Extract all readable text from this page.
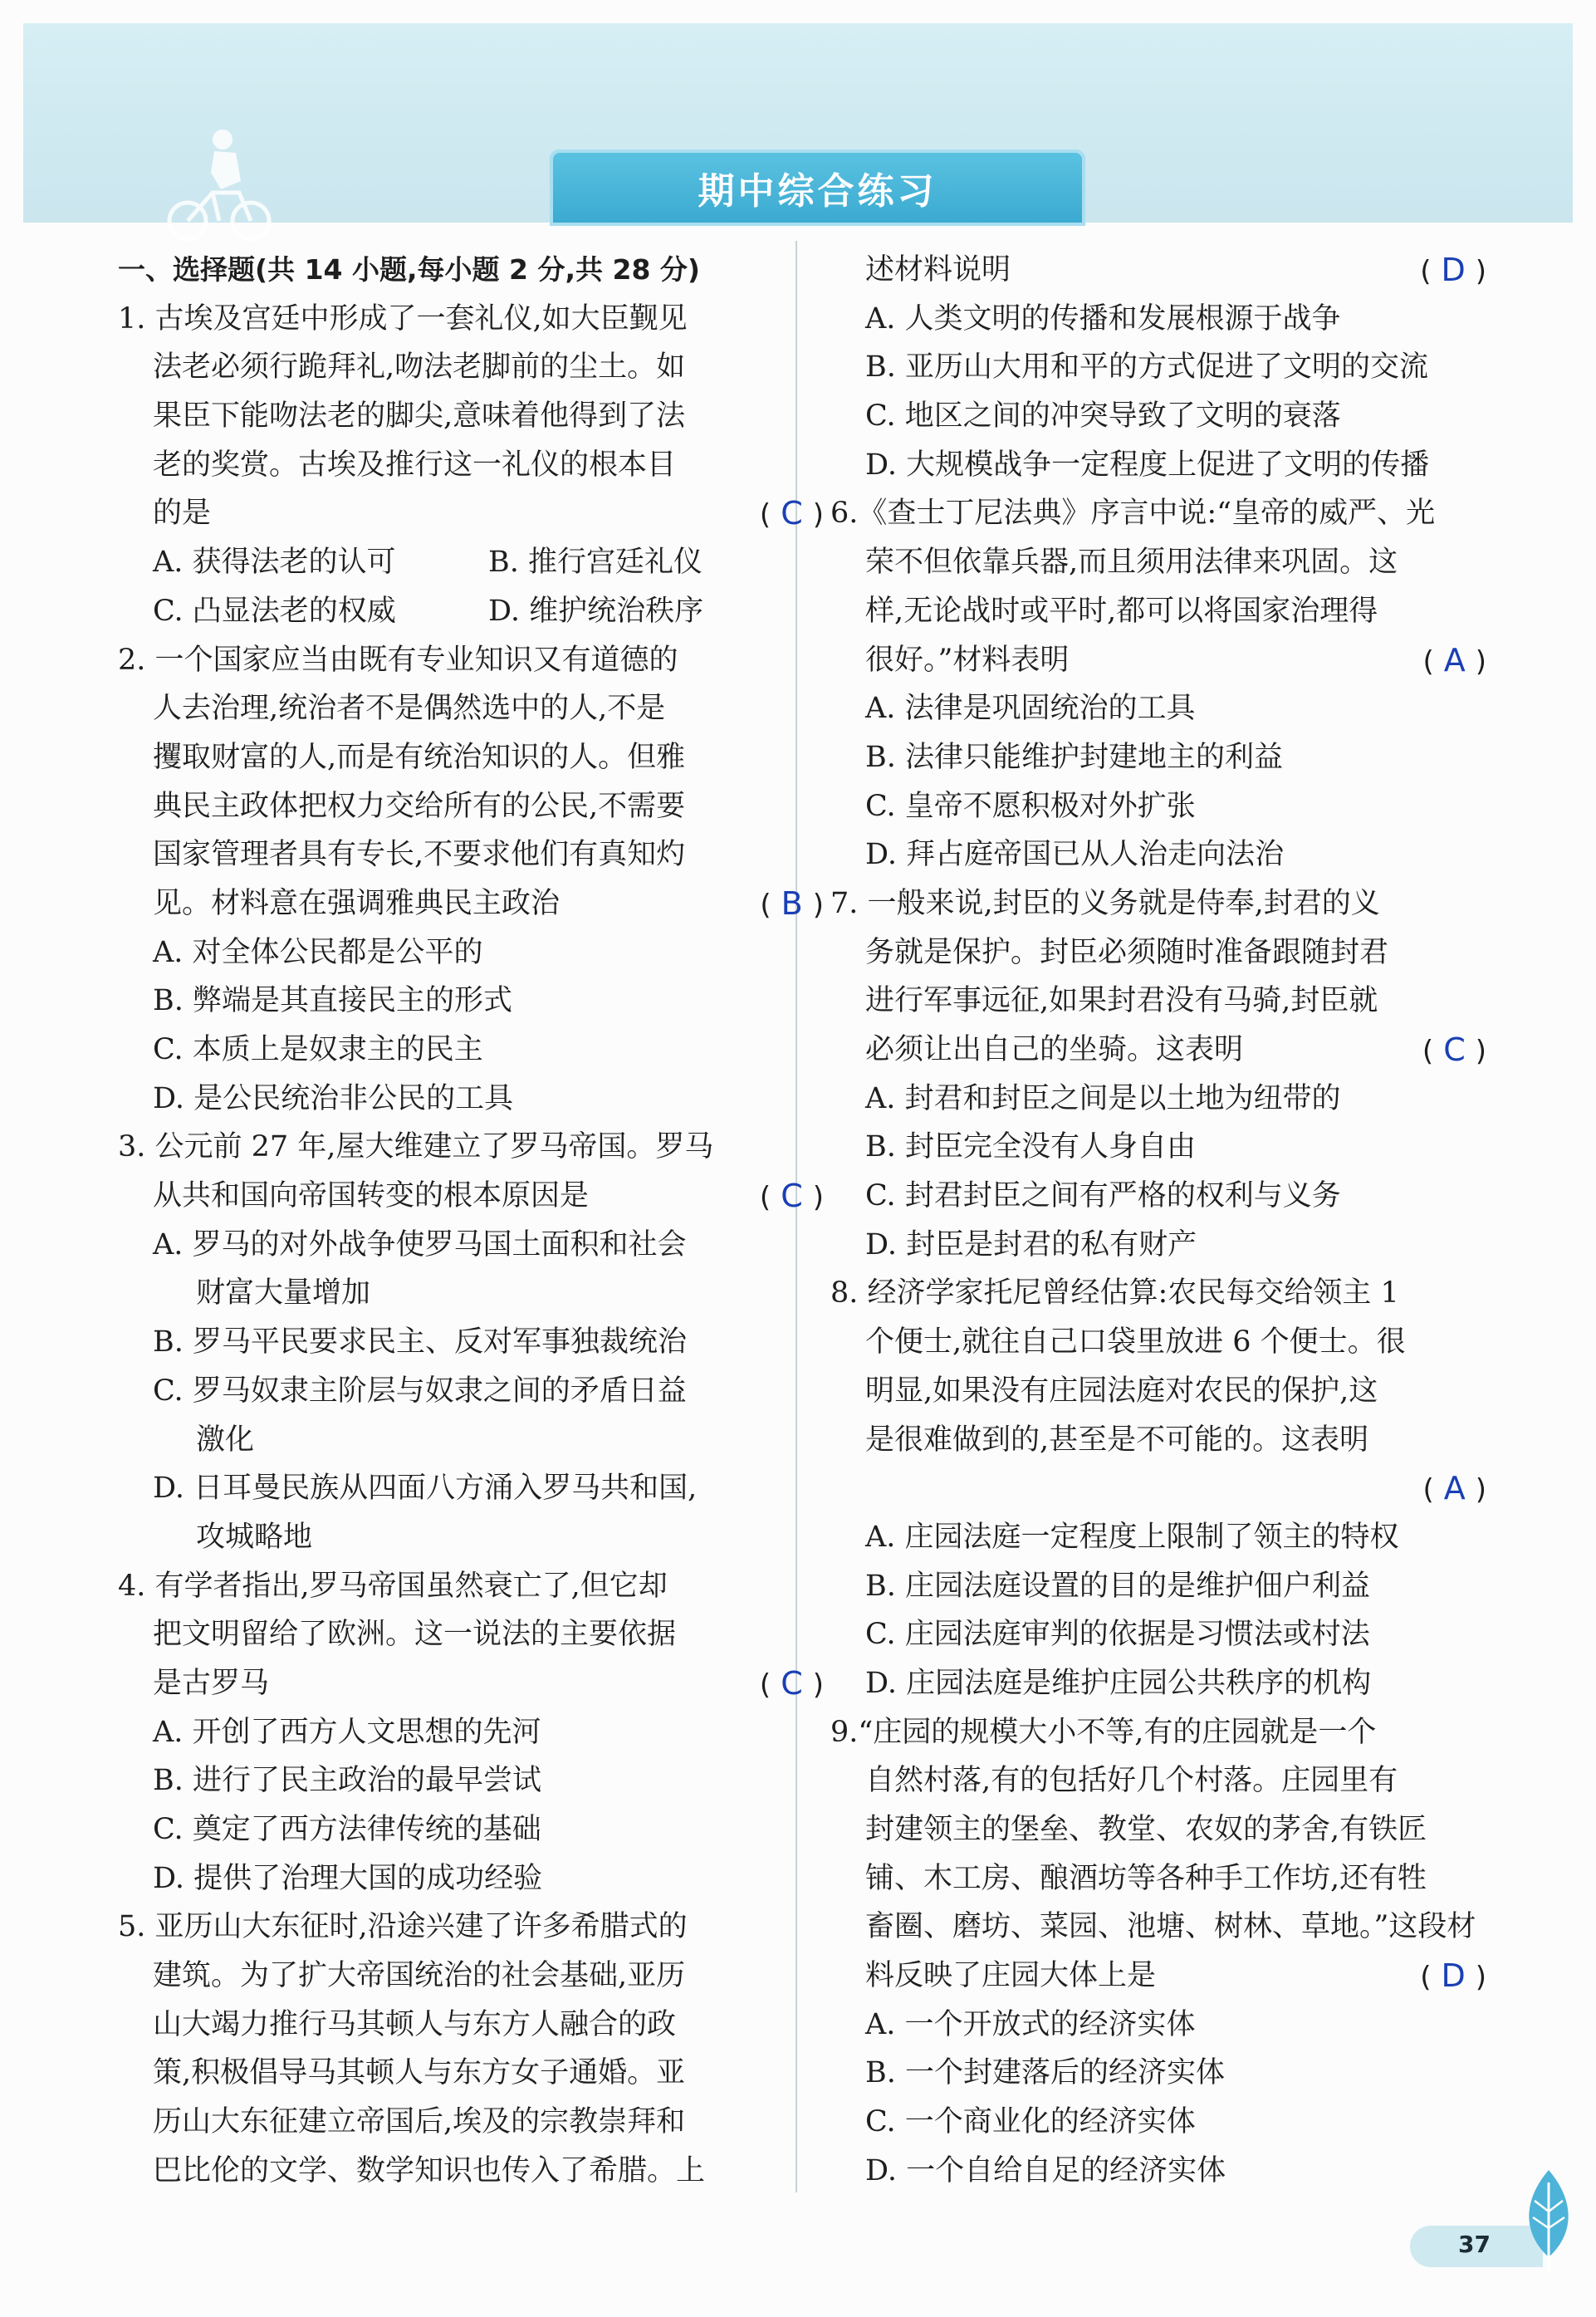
期中综合练习
一、选择题(共 14 小题,每小题 2 分,共 28 分)
1. 古埃及宫廷中形成了一套礼仪,如大臣觐见
法老必须行跪拜礼,吻法老脚前的尘土。如
果臣下能吻法老的脚尖,意味着他得到了法
老的奖赏。古埃及推行这一礼仪的根本目
的是	( C )
A. 获得法老的认可	B. 推行宫廷礼仪
C. 凸显法老的权威	D. 维护统治秩序
2. 一个国家应当由既有专业知识又有道德的
人去治理,统治者不是偶然选中的人,不是
攫取财富的人,而是有统治知识的人。但雅
典民主政体把权力交给所有的公民,不需要
国家管理者具有专长,不要求他们有真知灼
见。材料意在强调雅典民主政治	( B )
A. 对全体公民都是公平的
B. 弊端是其直接民主的形式
C. 本质上是奴隶主的民主
D. 是公民统治非公民的工具
3. 公元前 27 年,屋大维建立了罗马帝国。罗马
从共和国向帝国转变的根本原因是	( C )
A. 罗马的对外战争使罗马国土面积和社会
财富大量增加
B. 罗马平民要求民主、反对军事独裁统治
C. 罗马奴隶主阶层与奴隶之间的矛盾日益
激化
D. 日耳曼民族从四面八方涌入罗马共和国,
攻城略地
4. 有学者指出,罗马帝国虽然衰亡了,但它却
把文明留给了欧洲。这一说法的主要依据
是古罗马	( C )
A. 开创了西方人文思想的先河
B. 进行了民主政治的最早尝试
C. 奠定了西方法律传统的基础
D. 提供了治理大国的成功经验
5. 亚历山大东征时,沿途兴建了许多希腊式的
建筑。为了扩大帝国统治的社会基础,亚历
山大竭力推行马其顿人与东方人融合的政
策,积极倡导马其顿人与东方女子通婚。亚
历山大东征建立帝国后,埃及的宗教崇拜和
巴比伦的文学、数学知识也传入了希腊。上
述材料说明	( D )
A. 人类文明的传播和发展根源于战争
B. 亚历山大用和平的方式促进了文明的交流
C. 地区之间的冲突导致了文明的衰落
D. 大规模战争一定程度上促进了文明的传播
6.《查士丁尼法典》序言中说:“皇帝的威严、光
荣不但依靠兵器,而且须用法律来巩固。这
样,无论战时或平时,都可以将国家治理得
很好。”材料表明	( A )
A. 法律是巩固统治的工具
B. 法律只能维护封建地主的利益
C. 皇帝不愿积极对外扩张
D. 拜占庭帝国已从人治走向法治
7. 一般来说,封臣的义务就是侍奉,封君的义
务就是保护。封臣必须随时准备跟随封君
进行军事远征,如果封君没有马骑,封臣就
必须让出自己的坐骑。这表明	( C )
A. 封君和封臣之间是以土地为纽带的
B. 封臣完全没有人身自由
C. 封君封臣之间有严格的权利与义务
D. 封臣是封君的私有财产
8. 经济学家托尼曾经估算:农民每交给领主 1
个便士,就往自己口袋里放进 6 个便士。很
明显,如果没有庄园法庭对农民的保护,这
是很难做到的,甚至是不可能的。这表明
( A )
A. 庄园法庭一定程度上限制了领主的特权
B. 庄园法庭设置的目的是维护佃户利益
C. 庄园法庭审判的依据是习惯法或村法
D. 庄园法庭是维护庄园公共秩序的机构
9.“庄园的规模大小不等,有的庄园就是一个
自然村落,有的包括好几个村落。庄园里有
封建领主的堡垒、教堂、农奴的茅舍,有铁匠
铺、木工房、酿酒坊等各种手工作坊,还有牲
畜圈、磨坊、菜园、池塘、树林、草地。”这段材
料反映了庄园大体上是	( D )
A. 一个开放式的经济实体
B. 一个封建落后的经济实体
C. 一个商业化的经济实体
D. 一个自给自足的经济实体
37
